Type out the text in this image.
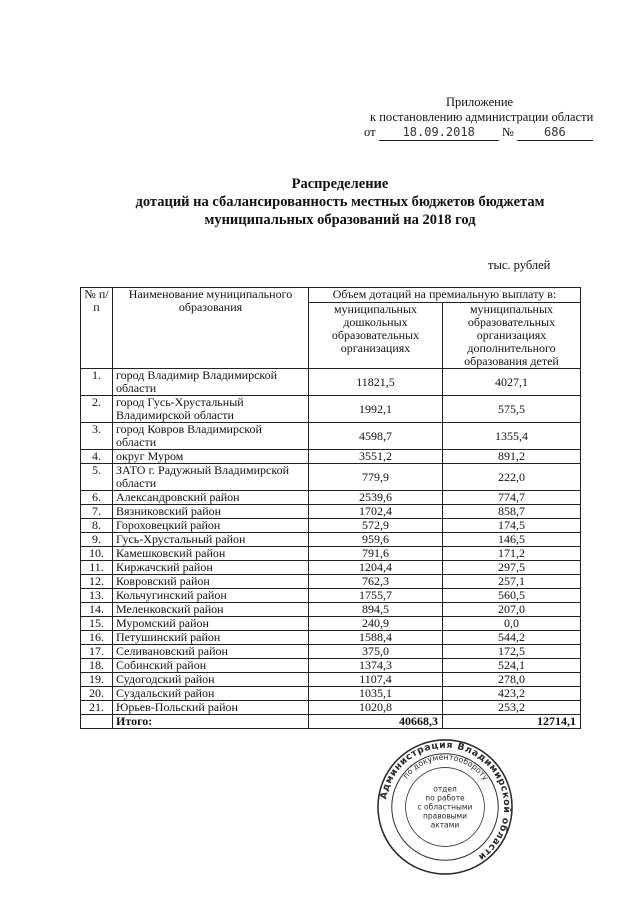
Приложение
к постановлению администрации области
от 18.09.2018 №	686
Распределение
дотаций на сбалансированность местных бюджетов бюджетам
муниципальных образований на 2018 год
тыс. рублей
№ п/п	Наименование муниципального образования	Объем дотаций на премиальную выплату в:	
		муниципальных дошкольных образовательных организациях	муниципальных образовательных организациях дополнительного образования детей
1.	город Владимир Владимирской области	11821,5	4027,1
2.	город Гусь-Хрустальный Владимирской области	1992,1	575,5
3.	город Ковров Владимирской области	4598,7	1355,4
4.	округ Муром	3551,2	891,2
5.	ЗАТО г. Радужный Владимирской области	779,9	222,0
6.	Александровский район	2539,6	774,7
7.	Вязниковский район	1702,4	858,7
8.	Гороховецкий район	572,9	174,5
9.	Гусь-Хрустальный район	959,6	146,5
10.	Камешковский район	791,6	171,2
11.	Киржачский район	1204,4	297,5
12.	Ковровский район	762,3	257,1
13.	Кольчугинский район	1755,7	560,5
14.	Меленковский район	894,5	207,0
15.	Муромский район	240,9	0,0
16.	Петушинский район	1588,4	544,2
17.	Селивановский район	375,0	172,5
18.	Собинский район	1374,3	524,1
19.	Судогодский район	1107,4	278,0
20.	Суздальский район	1035,1	423,2
21.	Юрьев-Польский район	1020,8	253,2
	Итого:	40668,3	12714,1
Администрация Владимирской области
по документообороту
отдел
по работе
с областными
правовыми
актами
